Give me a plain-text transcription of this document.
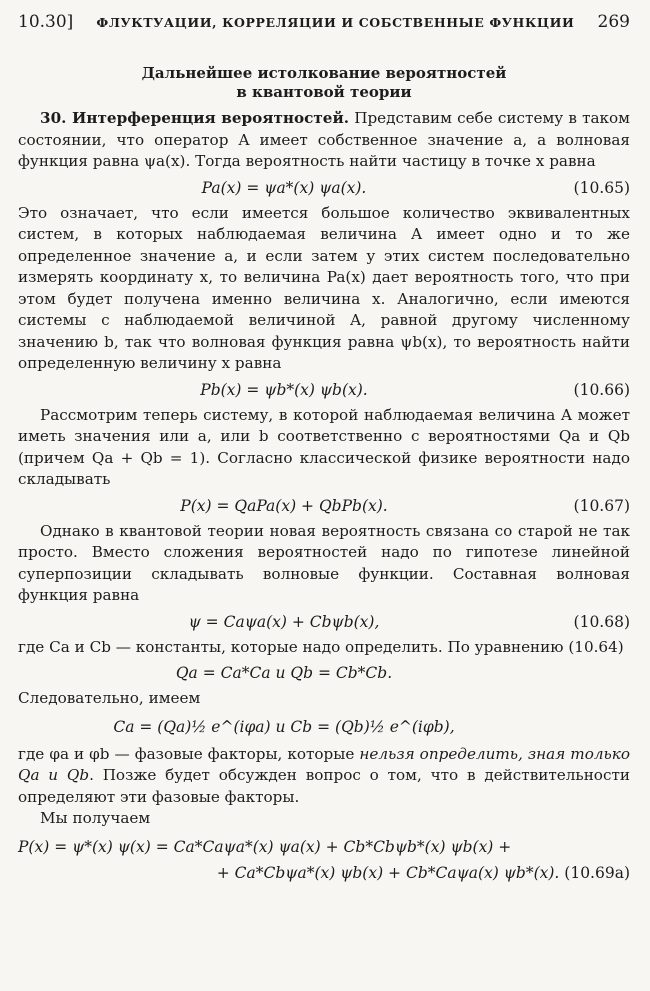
10.30] ФЛУКТУАЦИИ, КОРРЕЛЯЦИИ И СОБСТВЕННЫЕ ФУНКЦИИ 269
Дальнейшее истолкование вероятностей
в квантовой теории

30. Интерференция вероятностей. Представим себе систему в таком состоянии, что оператор A имеет собственное значение a, а волновая функция равна ψa(x). Тогда вероятность найти частицу в точке x равна

Pa(x) = ψa*(x) ψa(x).	(10.65)

Это означает, что если имеется большое количество эквивалентных систем, в которых наблюдаемая величина A имеет одно и то же определенное значение a, и если затем у этих систем последовательно измерять координату x, то величина Pa(x) дает вероятность того, что при этом будет получена именно величина x. Аналогично, если имеются системы с наблюдаемой величиной A, равной другому численному значению b, так что волновая функция равна ψb(x), то вероятность найти определенную величину x равна

Pb(x) = ψb*(x) ψb(x).	(10.66)

Рассмотрим теперь систему, в которой наблюдаемая величина A может иметь значения или a, или b соответственно с вероятностями Qa и Qb (причем Qa + Qb = 1). Согласно классической физике вероятности надо складывать

P(x) = QaPa(x) + QbPb(x).	(10.67)

Однако в квантовой теории новая вероятность связана со старой не так просто. Вместо сложения вероятностей надо по гипотезе линейной суперпозиции складывать волновые функции. Составная волновая функция равна

ψ = Caψa(x) + Cbψb(x),	(10.68)

где Ca и Cb — константы, которые надо определить. По уравнению (10.64)

Qa = Ca*Ca и Qb = Cb*Cb.

Следовательно, имеем

Ca = (Qa)½ e^(iφa) и Cb = (Qb)½ e^(iφb),

где φa и φb — фазовые факторы, которые нельзя определить, зная только Qa и Qb. Позже будет обсужден вопрос о том, что в действительности определяют эти фазовые факторы.

Мы получаем

P(x) = ψ*(x) ψ(x) = Ca*Caψa*(x) ψa(x) + Cb*Cbψb*(x) ψb(x) +
+ Ca*Cbψa*(x) ψb(x) + Cb*Caψa(x) ψb*(x). (10.69a)
